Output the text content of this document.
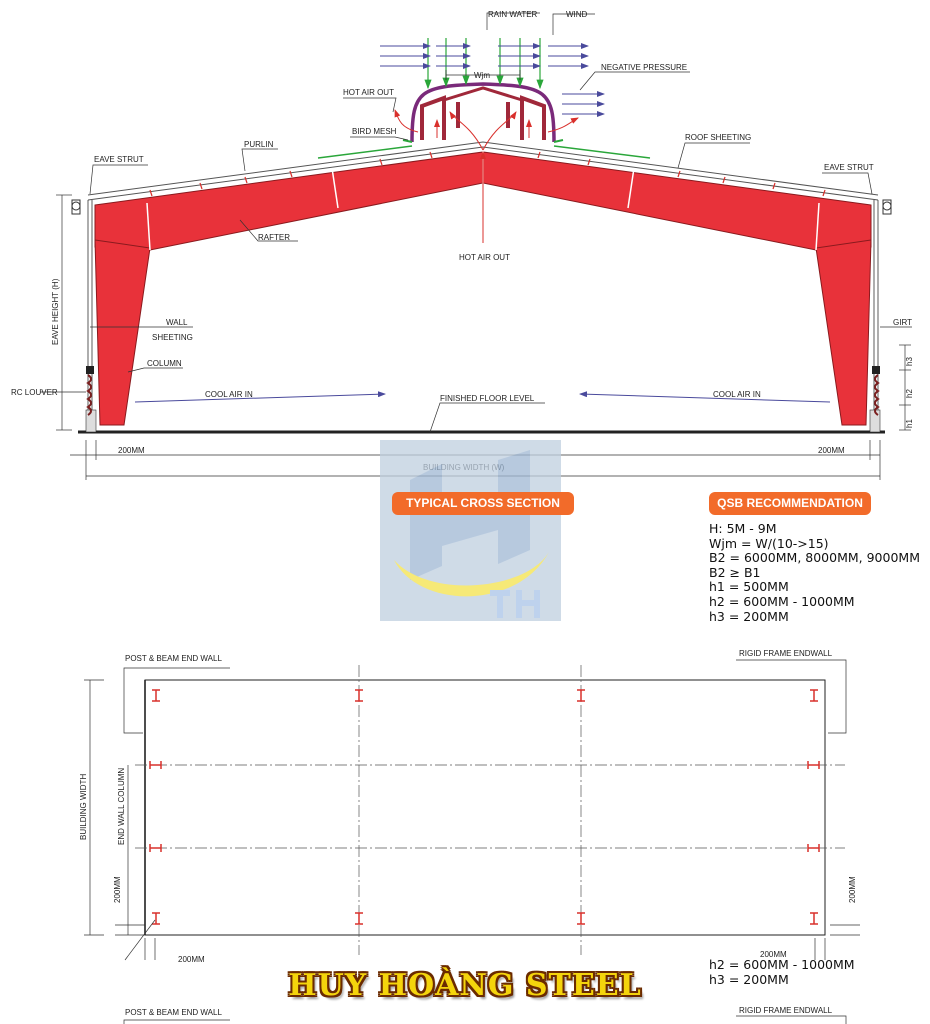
RAIN WATER	WIND
Wjm
NEGATIVE PRESSURE
HOT AIR OUT
BIRD MESH
PURLIN
ROOF SHEETING
EAVE STRUT
EAVE STRUT
RAFTER
HOT AIR OUT
EAVE HEIGHT (H)	WALL
SHEETING
GIRT
COLUMN
RC LOUVER	COOL AIR IN	COOL AIR IN
FINISHED FLOOR LEVEL
h1
h2
h3
200MM	200MM
TYPICAL CROSS SECTION	QSB RECOMMENDATION
H: 5M - 9M
Wjm = W/(10->15)
B2 = 6000MM, 8000MM, 9000MM
B2 ≥ B1
h1 = 500MM
h2 = 600MM - 1000MM
h3 = 200MM
POST & BEAM END WALL
RIGID FRAME ENDWALL
BUILDING WIDTH	END WALL COLUMN
200MM	200MM
200MM
200MM
POST & BEAM END WALL	RIGID FRAME ENDWALL
h2 = 600MM - 1000MM
h3 = 200MM
HUY HOÀNG STEEL
